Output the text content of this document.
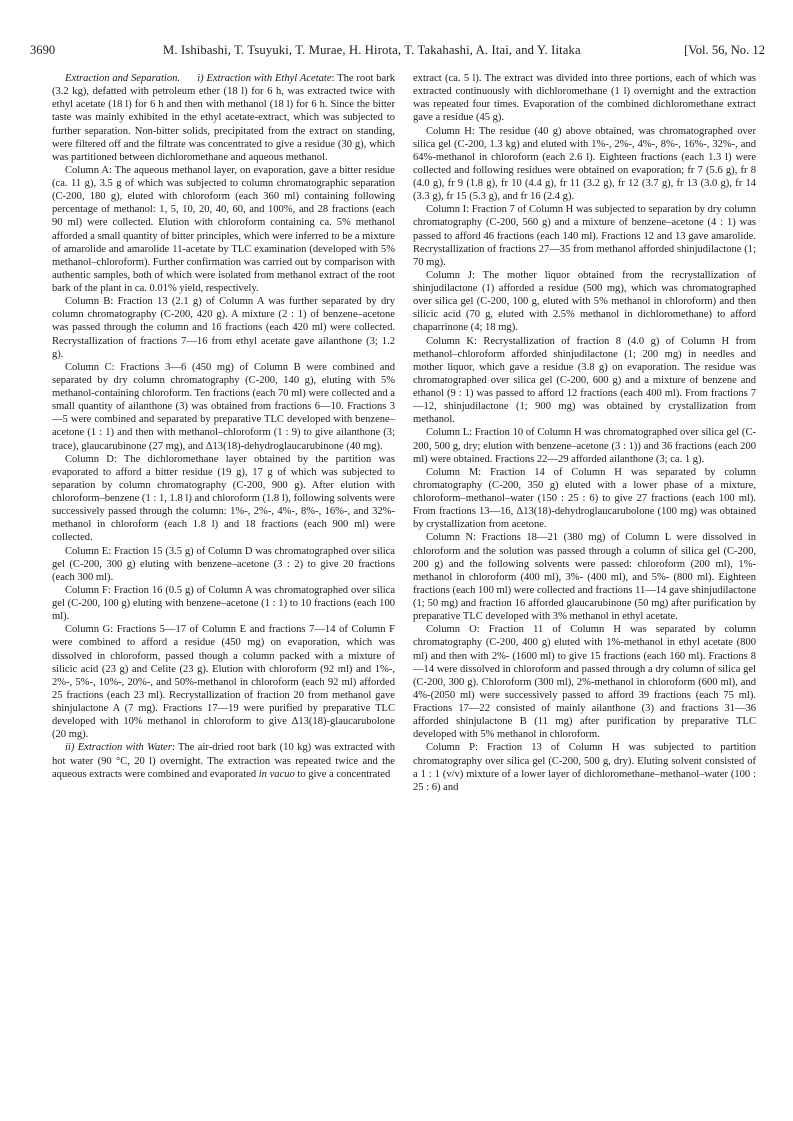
3690	M. Ishibashi, T. Tsuyuki, T. Murae, H. Hirota, T. Takahashi, A. Itai, and Y. Iitaka	[Vol. 56, No. 12

Extraction and Separation. i) Extraction with Ethyl Acetate: The root bark (3.2 kg), defatted with petroleum ether (18 l) for 6 h, was extracted twice with ethyl acetate (18 l) for 6 h and then with methanol (18 l) for 6 h. Since the bitter taste was mainly exhibited in the ethyl acetate-extract, which was subjected to further separation. Non-bitter solids, precipitated from the extract on standing, were filtered off and the filtrate was concentrated to give a residue (30 g), which was partitioned between dichloromethane and aqueous methanol.

Column A: The aqueous methanol layer, on evaporation, gave a bitter residue (ca. 11 g), 3.5 g of which was subjected to column chromatographic separation (C-200, 180 g), eluted with chloroform (each 360 ml) containing following percentage of methanol: 1, 5, 10, 20, 40, 60, and 100%, and 28 fractions (each 90 ml) were collected. Elution with chloroform containing ca. 5% methanol afforded a small quantity of bitter principles, which were inferred to be a mixture of amarolide and amarolide 11-acetate by TLC examination (developed with 5% methanol–chloroform). Further confirmation was carried out by comparison with authentic samples, both of which were isolated from methanol extract of the root bark of the plant in ca. 0.01% yield, respectively.

Column B: Fraction 13 (2.1 g) of Column A was further separated by dry column chromatography (C-200, 420 g). A mixture (2 : 1) of benzene–acetone was passed through the column and 16 fractions (each 420 ml) were collected. Recrystallization of fractions 7—16 from ethyl acetate gave ailanthone (3; 1.2 g).

Column C: Fractions 3—6 (450 mg) of Column B were combined and separated by dry column chromatography (C-200, 140 g), eluting with 5% methanol-containing chloroform. Ten fractions (each 70 ml) were collected and a small quantity of ailanthone (3) was obtained from fractions 6—10. Fractions 3—5 were combined and separated by preparative TLC developed with benzene–acetone (1 : 1) and then with methanol–chloroform (1 : 9) to give ailanthone (3; trace), glaucarubinone (27 mg), and Δ13(18)-dehydroglaucarubinone (40 mg).

Column D: The dichloromethane layer obtained by the partition was evaporated to afford a bitter residue (19 g), 17 g of which was subjected to separation by column chromatography (C-200, 900 g). After elution with chloroform–benzene (1 : 1, 1.8 l) and chloroform (1.8 l), following solvents were successively passed through the column: 1%-, 2%-, 4%-, 8%-, 16%-, and 32%-methanol in chloroform (each 1.8 l) and 18 fractions (each 900 ml) were collected.

Column E: Fraction 15 (3.5 g) of Column D was chromatographed over silica gel (C-200, 300 g) eluting with benzene–acetone (3 : 2) to give 20 fractions (each 300 ml).

Column F: Fraction 16 (0.5 g) of Column A was chromatographed over silica gel (C-200, 100 g) eluting with benzene–acetone (1 : 1) to 10 fractions (each 100 ml).

Column G: Fractions 5—17 of Column E and fractions 7—14 of Column F were combined to afford a residue (450 mg) on evaporation, which was dissolved in chloroform, passed though a column packed with a mixture of silicic acid (23 g) and Celite (23 g). Elution with chloroform (92 ml) and 1%-, 2%-, 5%-, 10%-, 20%-, and 50%-methanol in chloroform (each 92 ml) afforded 25 fractions (each 23 ml). Recrystallization of fraction 20 from methanol gave shinjulactone A (7 mg). Fractions 17—19 were purified by preparative TLC developed with 10% methanol in chloroform to give Δ13(18)-glaucarubolone (20 mg).

ii) Extraction with Water: The air-dried root bark (10 kg) was extracted with hot water (90 °C, 20 l) overnight. The extraction was repeated twice and the aqueous extracts were combined and evaporated in vacuo to give a concentrated

extract (ca. 5 l). The extract was divided into three portions, each of which was extracted continuously with dichloromethane (1 l) overnight and the extraction was repeated four times. Evaporation of the combined dichloromethane extract gave a residue (45 g).

Column H: The residue (40 g) above obtained, was chromatographed over silica gel (C-200, 1.3 kg) and eluted with 1%-, 2%-, 4%-, 8%-, 16%-, 32%-, and 64%-methanol in chloroform (each 2.6 l). Eighteen fractions (each 1.3 l) were collected and following residues were obtained on evaporation; fr 7 (5.6 g), fr 8 (4.0 g), fr 9 (1.8 g), fr 10 (4.4 g), fr 11 (3.2 g), fr 12 (3.7 g), fr 13 (3.0 g), fr 14 (3.3 g), fr 15 (5.3 g), and fr 16 (2.4 g).

Column I: Fraction 7 of Column H was subjected to separation by dry column chromatography (C-200, 560 g) and a mixture of benzene–acetone (4 : 1) was passed to afford 46 fractions (each 140 ml). Fractions 12 and 13 gave amarolide. Recrystallization of fractions 27—35 from methanol afforded shinjudilactone (1; 70 mg).

Column J: The mother liquor obtained from the recrystallization of shinjudilactone (1) afforded a residue (500 mg), which was chromatographed over silica gel (C-200, 100 g, eluted with 5% methanol in chloroform) and then silicic acid (70 g, eluted with 2.5% methanol in dichloromethane) to afford chaparrinone (4; 18 mg).

Column K: Recrystallization of fraction 8 (4.0 g) of Column H from methanol–chloroform afforded shinjudilactone (1; 200 mg) in needles and mother liquor, which gave a residue (3.8 g) on evaporation. The residue was chromatographed over silica gel (C-200, 600 g) and a mixture of benzene and ethanol (9 : 1) was passed to afford 12 fractions (each 400 ml). From fractions 7—12, shinjudilactone (1; 900 mg) was obtained by crystallization from methanol.

Column L: Fraction 10 of Column H was chromatographed over silica gel (C-200, 500 g, dry; elution with benzene–acetone (3 : 1)) and 36 fractions (each 200 ml) were obtained. Fractions 22—29 afforded ailanthone (3; ca. 1 g).

Column M: Fraction 14 of Column H was separated by column chromatography (C-200, 350 g) eluted with a lower phase of a mixture, chloroform–methanol–water (150 : 25 : 6) to give 27 fractions (each 100 ml). From fractions 13—16, Δ13(18)-dehydroglaucarubolone (100 mg) was obtained by crystallization from acetone.

Column N: Fractions 18—21 (380 mg) of Column L were dissolved in chloroform and the solution was passed through a column of silica gel (C-200, 200 g) and the following solvents were passed: chloroform (200 ml), 1%-methanol in chloroform (400 ml), 3%- (400 ml), and 5%- (800 ml). Eighteen fractions (each 100 ml) were collected and fractions 11—14 gave shinjudilactone (1; 50 mg) and fraction 16 afforded glaucarubinone (50 mg) after purification by preparative TLC developed with 3% methanol in ethyl acetate.

Column O: Fraction 11 of Column H was separated by column chromatography (C-200, 400 g) eluted with 1%-methanol in ethyl acetate (800 ml) and then with 2%- (1600 ml) to give 15 fractions (each 160 ml). Fractions 8—14 were dissolved in chloroform and passed through a dry column of silica gel (C-200, 300 g). Chloroform (300 ml), 2%-methanol in chloroform (600 ml), and 4%-(2050 ml) were successively passed to afford 39 fractions (each 75 ml). Fractions 17—22 consisted of mainly ailanthone (3) and fractions 31—36 afforded shinjulactone B (11 mg) after purification by preparative TLC developed with 5% methanol in chloroform.

Column P: Fraction 13 of Column H was subjected to partition chromatography over silica gel (C-200, 500 g, dry). Eluting solvent consisted of a 1 : 1 (v/v) mixture of a lower layer of dichloromethane–methanol–water (100 : 25 : 6) and
